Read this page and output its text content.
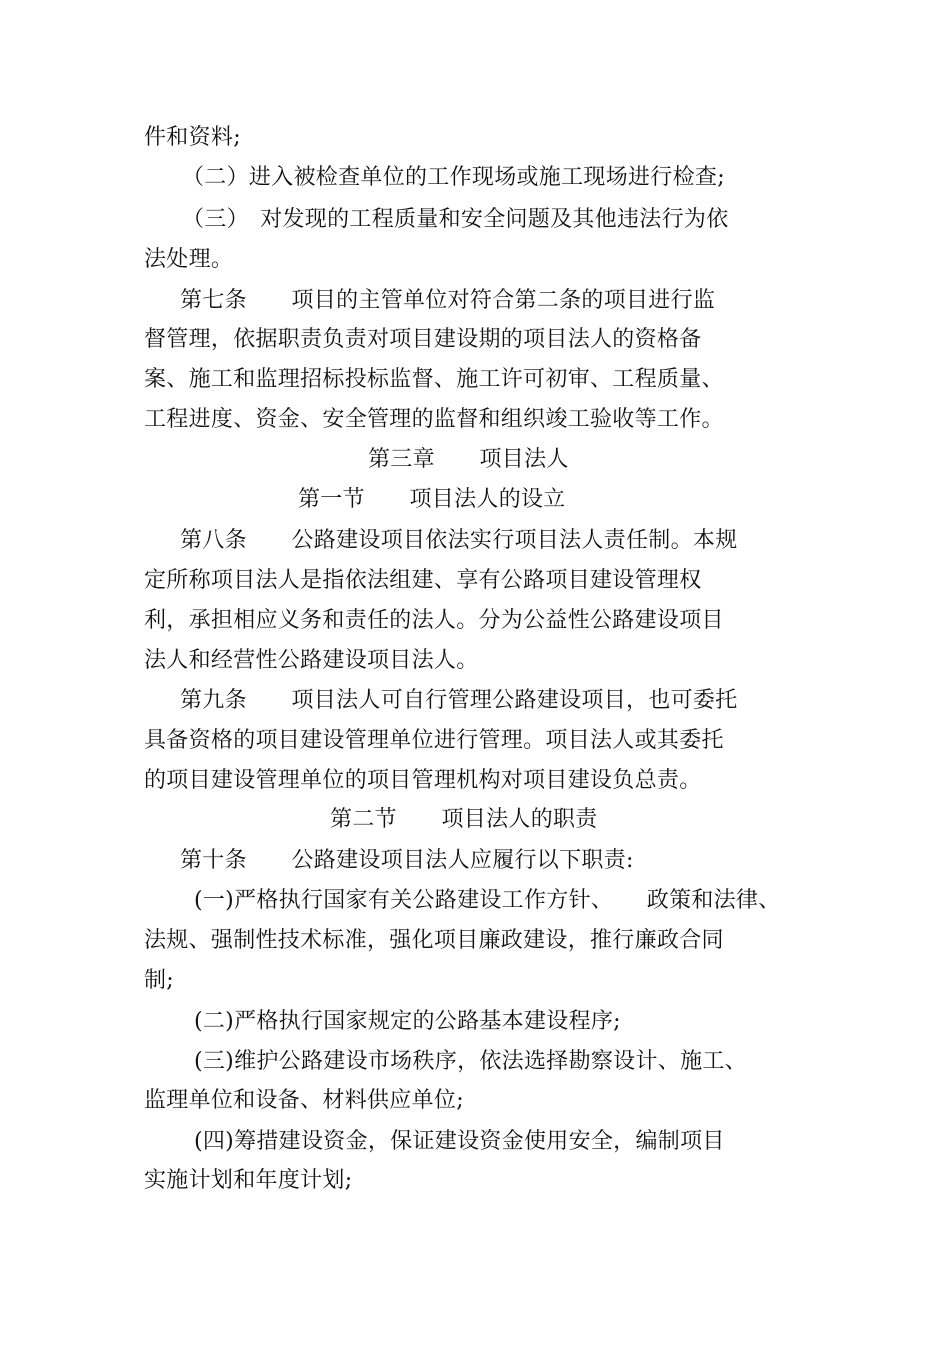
件和资料;
（二）进入被检查单位的工作现场或施工现场进行检查;
（三）　对发现的工程质量和安全问题及其他违法行为依
法处理。
第七条　　项目的主管单位对符合第二条的项目进行监
督管理，依据职责负责对项目建设期的项目法人的资格备
案、施工和监理招标投标监督、施工许可初审、工程质量、
工程进度、资金、安全管理的监督和组织竣工验收等工作。
第三章　　项目法人
第一节　　项目法人的设立
第八条　　公路建设项目依法实行项目法人责任制。本规
定所称项目法人是指依法组建、享有公路项目建设管理权
利，承担相应义务和责任的法人。分为公益性公路建设项目
法人和经营性公路建设项目法人。
第九条　　项目法人可自行管理公路建设项目，也可委托
具备资格的项目建设管理单位进行管理。项目法人或其委托
的项目建设管理单位的项目管理机构对项目建设负总责。
第二节　　项目法人的职责
第十条　　公路建设项目法人应履行以下职责:
(一)严格执行国家有关公路建设工作方针、　　政策和法律、
法规、强制性技术标准，强化项目廉政建设，推行廉政合同
制;
(二)严格执行国家规定的公路基本建设程序;
(三)维护公路建设市场秩序，依法选择勘察设计、施工、
监理单位和设备、材料供应单位;
(四)筹措建设资金，保证建设资金使用安全，编制项目
实施计划和年度计划;
